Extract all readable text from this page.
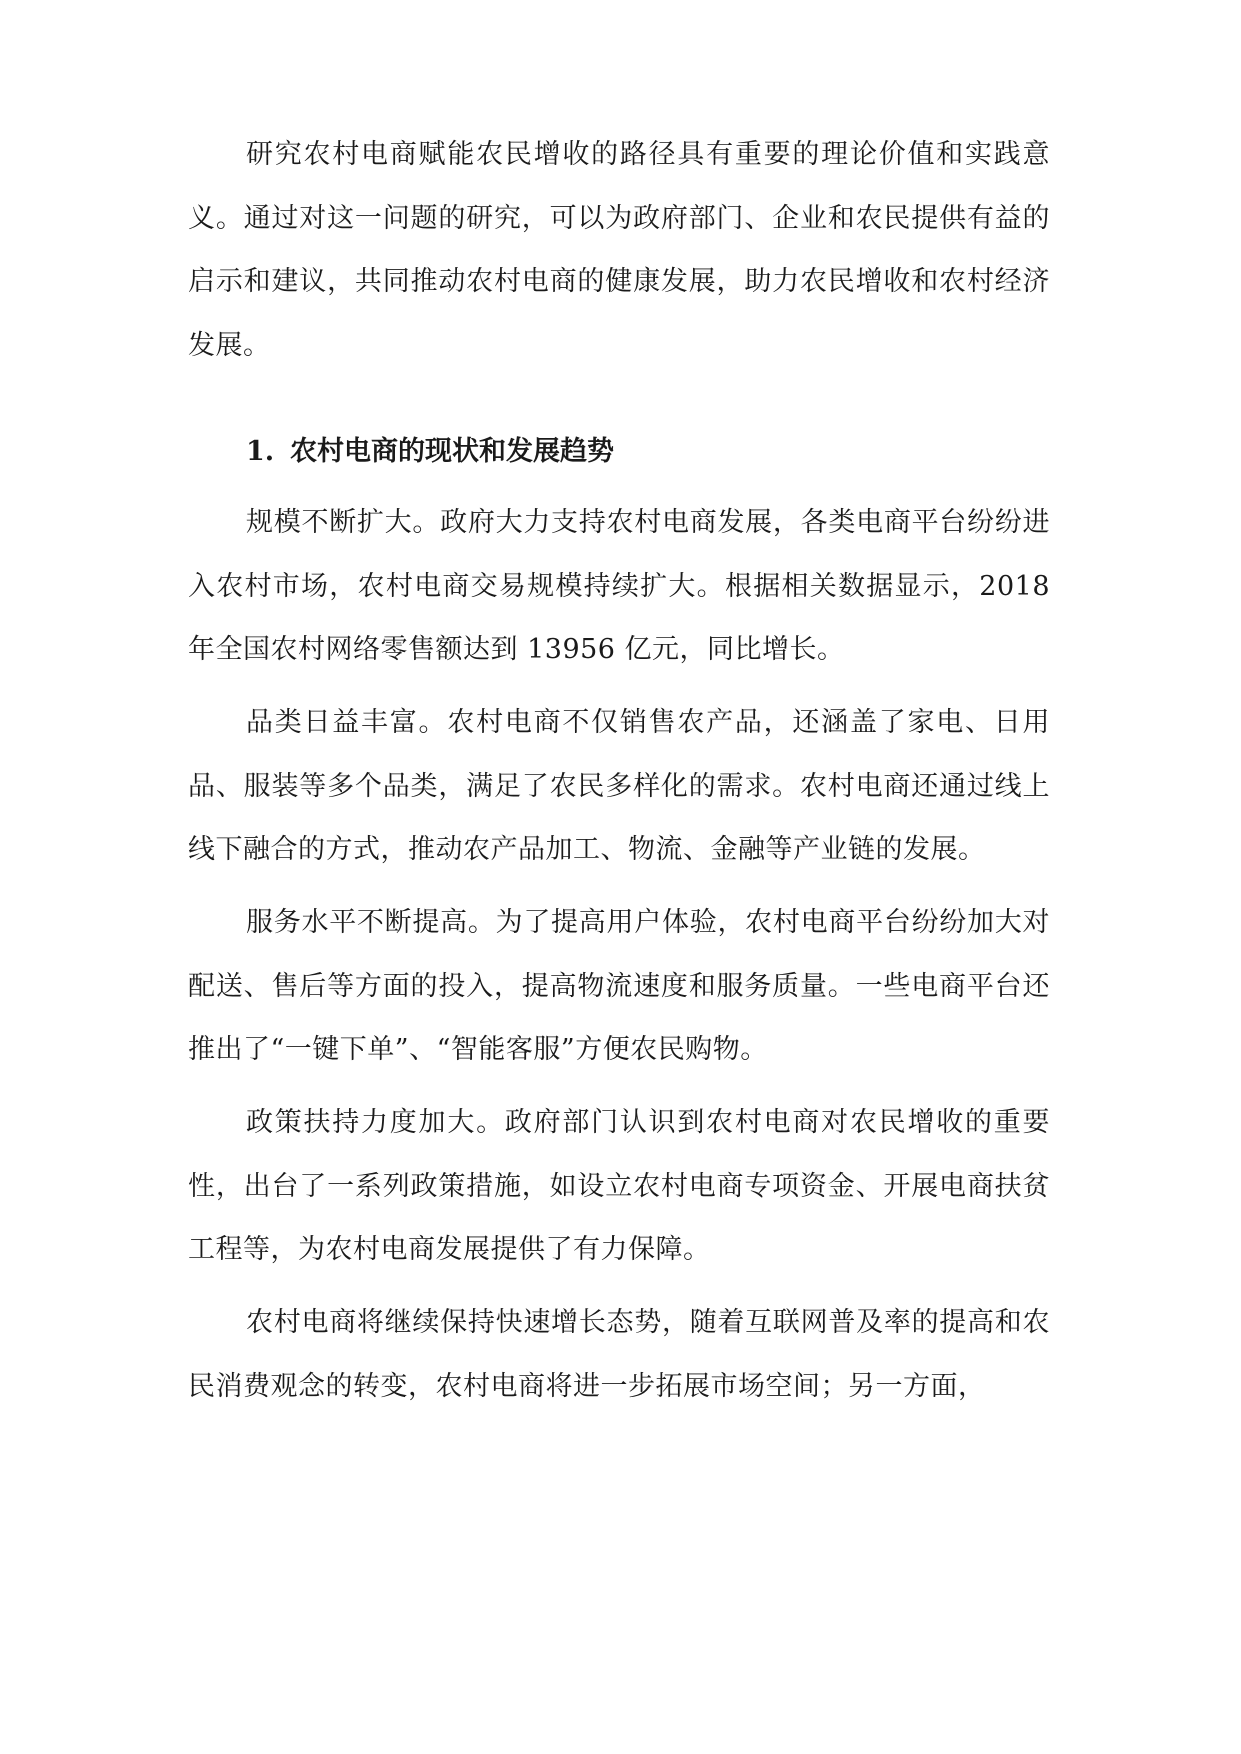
研究农村电商赋能农民增收的路径具有重要的理论价值和实践意义。通过对这一问题的研究，可以为政府部门、企业和农民提供有益的启示和建议，共同推动农村电商的健康发展，助力农民增收和农村经济发展。

1. 农村电商的现状和发展趋势

规模不断扩大。政府大力支持农村电商发展，各类电商平台纷纷进入农村市场，农村电商交易规模持续扩大。根据相关数据显示，2018年全国农村网络零售额达到 13956 亿元，同比增长。

品类日益丰富。农村电商不仅销售农产品，还涵盖了家电、日用品、服装等多个品类，满足了农民多样化的需求。农村电商还通过线上线下融合的方式，推动农产品加工、物流、金融等产业链的发展。

服务水平不断提高。为了提高用户体验，农村电商平台纷纷加大对配送、售后等方面的投入，提高物流速度和服务质量。一些电商平台还推出了“一键下单”、“智能客服”方便农民购物。

政策扶持力度加大。政府部门认识到农村电商对农民增收的重要性，出台了一系列政策措施，如设立农村电商专项资金、开展电商扶贫工程等，为农村电商发展提供了有力保障。

农村电商将继续保持快速增长态势，随着互联网普及率的提高和农民消费观念的转变，农村电商将进一步拓展市场空间；另一方面，
